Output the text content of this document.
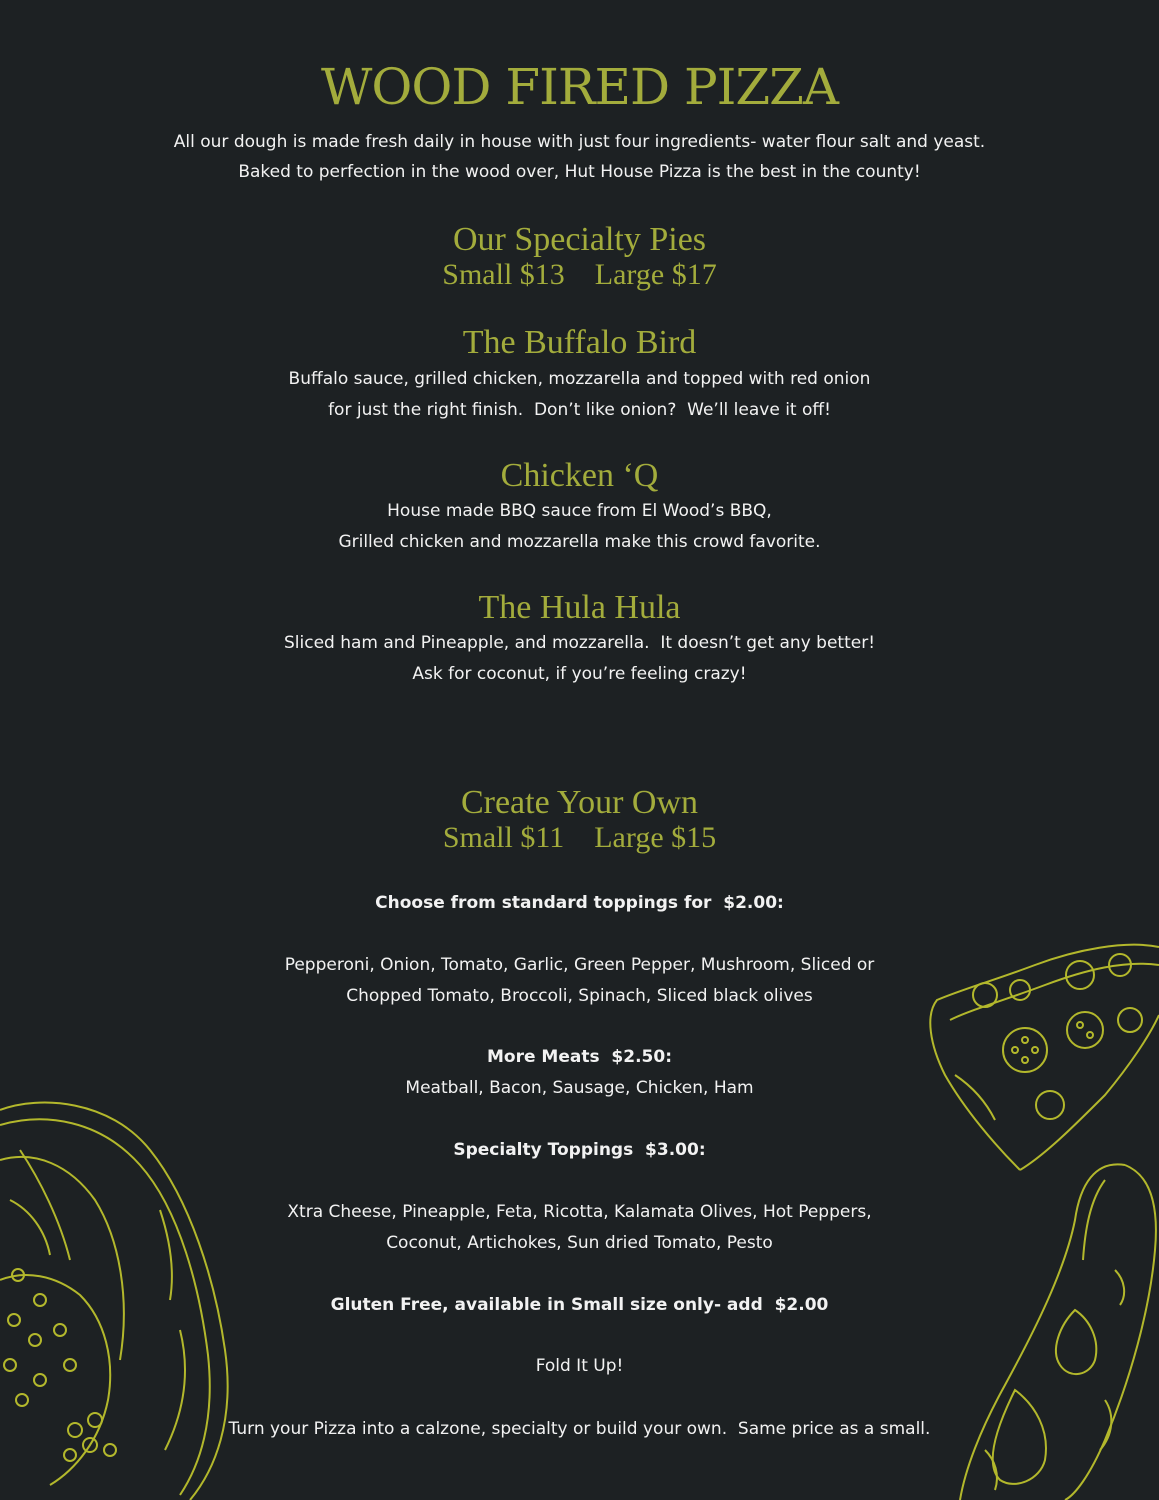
WOOD FIRED PIZZA

All our dough is made fresh daily in house with just four ingredients- water flour salt and yeast.

Baked to perfection in the wood over, Hut House Pizza is the best in the county!

Our Specialty Pies

Small $13    Large $17

The Buffalo Bird

Buffalo sauce, grilled chicken, mozzarella and topped with red onion

for just the right finish.  Don’t like onion?  We’ll leave it off!

Chicken ‘Q

House made BBQ sauce from El Wood’s BBQ,

Grilled chicken and mozzarella make this crowd favorite.

The Hula Hula

Sliced ham and Pineapple, and mozzarella.  It doesn’t get any better!

Ask for coconut, if you’re feeling crazy!

Create Your Own

Small $11    Large $15

Choose from standard toppings for  $2.00:

Pepperoni, Onion, Tomato, Garlic, Green Pepper, Mushroom, Sliced or

Chopped Tomato, Broccoli, Spinach, Sliced black olives

More Meats  $2.50:

Meatball, Bacon, Sausage, Chicken, Ham

Specialty Toppings  $3.00:

Xtra Cheese, Pineapple, Feta, Ricotta, Kalamata Olives, Hot Peppers,

Coconut, Artichokes, Sun dried Tomato, Pesto

Gluten Free, available in Small size only- add  $2.00

Fold It Up!

Turn your Pizza into a calzone, specialty or build your own.  Same price as a small.
